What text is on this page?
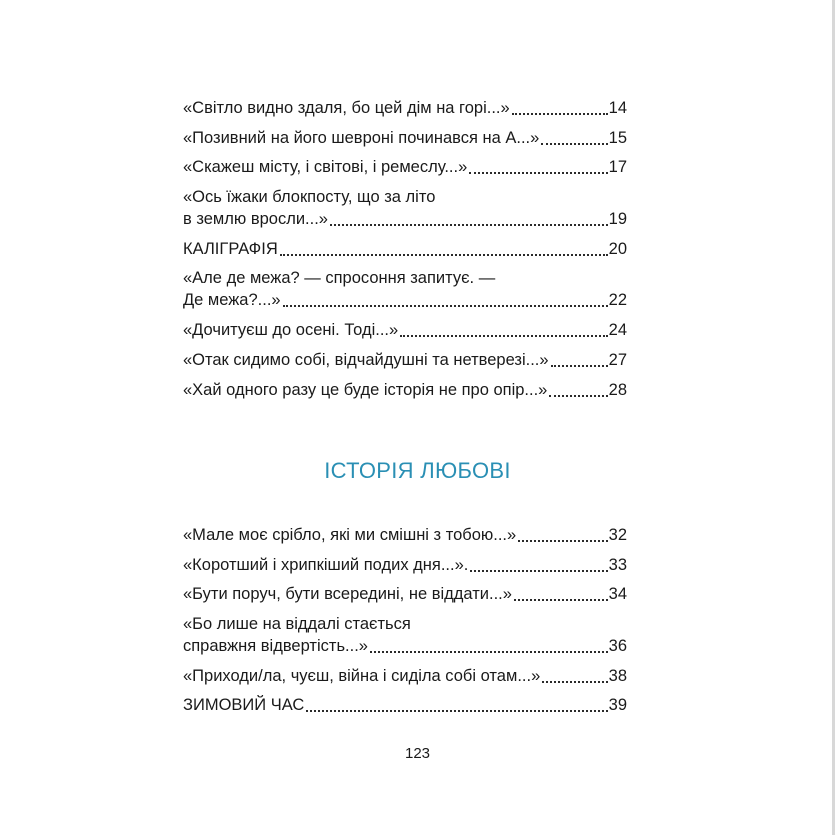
«Світло видно здаля, бо цей дім на горі...»	14
«Позивний на його шевроні починався на А...»	15
«Скажеш місту, і світові, і ремеслу...»	17
«Ось їжаки блокпосту, що за літо
в землю вросли...»	19
КАЛІГРАФІЯ	20
«Але де межа? — спросоння запитує. —
Де межа?...»	22
«Дочитуєш до осені. Тоді...»	24
«Отак сидимо собі, відчайдушні та нетверезі...»	27
«Хай одного разу це буде історія не про опір...»	28
ІСТОРІЯ ЛЮБОВІ
«Мале моє срібло, які ми смішні з тобою...»	32
«Коротший і хрипкіший подих дня...».	33
«Бути поруч, бути всередині, не віддати...»	34
«Бо лише на віддалі стається
справжня відвертість...»	36
«Приходи/ла, чуєш, війна і сиділа собі отам...»	38
ЗИМОВИЙ ЧАС	39
123
